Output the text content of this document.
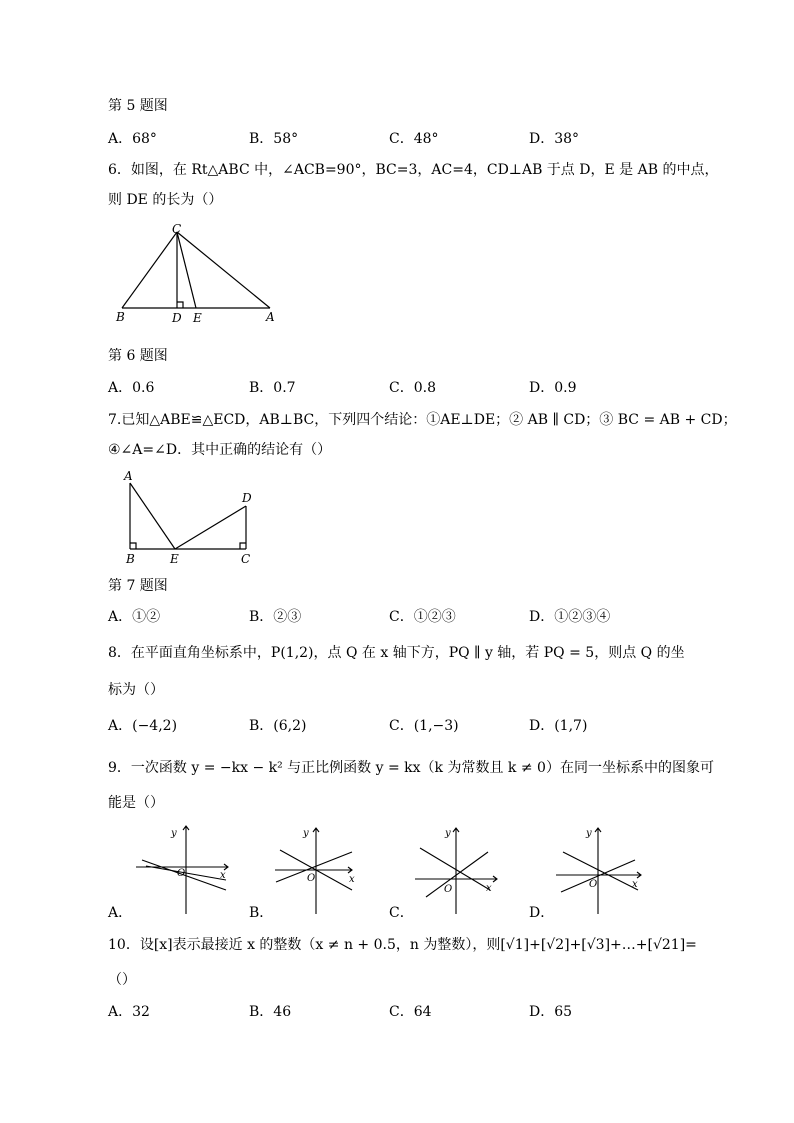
第 5 题图
A．68°	B．58°	C．48°	D．38°
6．如图，在 Rt△ABC 中，∠ACB=90°，BC=3，AC=4，CD⊥AB 于点 D，E 是 AB 的中点，
则 DE 的长为（）
C
B	D E	A
第 6 题图
A．0.6	B．0.7	C．0.8	D．0.9
7.已知△ABE≌△ECD，AB⊥BC，下列四个结论：①AE⊥DE；② AB ∥ CD；③ BC = AB + CD；
④∠A=∠D．其中正确的结论有（）
A
B	E	C
D
第 7 题图
A．①②	B．②③	C．①②③	D．①②③④
8．在平面直角坐标系中，P(1,2)，点 Q 在 x 轴下方，PQ ∥ y 轴，若 PQ = 5，则点 Q 的坐
标为（）
A．(−4,2)	B．(6,2)	C．(1,−3)	D．(1,7)
9．一次函数 y = −kx − k² 与正比例函数 y = kx（k 为常数且 k ≠ 0）在同一坐标系中的图象可
能是（）
y
x
O
y
x
O
y
x
O
y
x
O
A．	B．	C．	D．
10．设[x]表示最接近 x 的整数（x ≠ n + 0.5，n 为整数），则[√1]+[√2]+[√3]+…+[√21]=
（）
A．32	B．46	C．64	D．65
